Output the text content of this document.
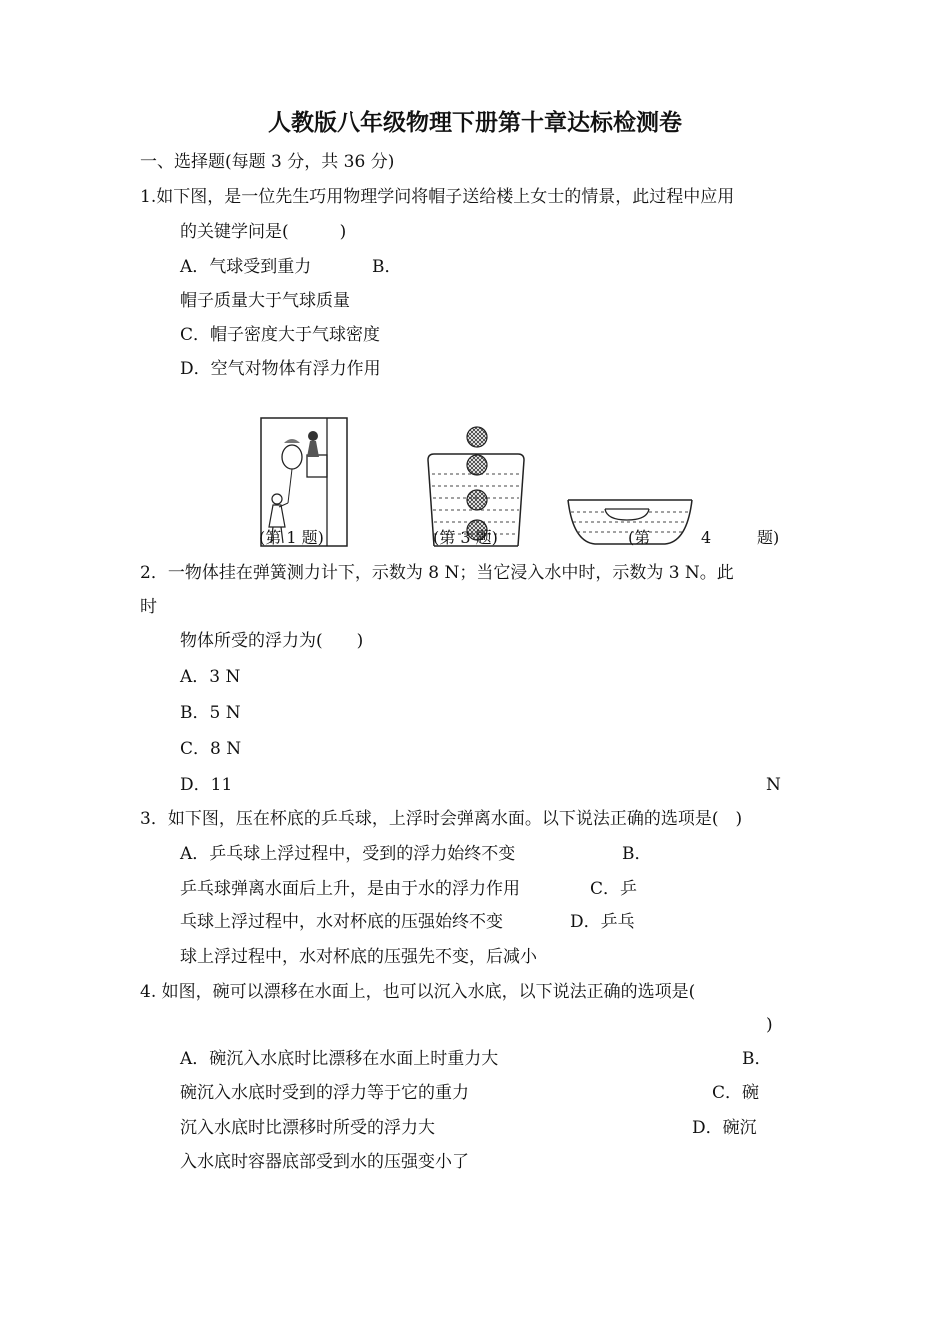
人教版八年级物理下册第十章达标检测卷
一、选择题(每题 3 分，共 36 分)
1.如下图，是一位先生巧用物理学问将帽子送给楼上女士的情景，此过程中应用
的关键学问是(　　　)
A．气球受到重力	B．
帽子质量大于气球质量
C．帽子密度大于气球密度
D．空气对物体有浮力作用
(第 1 题)	(第 3 题)	(第	4	题)
2．一物体挂在弹簧测力计下，示数为 8 N；当它浸入水中时，示数为 3 N。此
时
物体所受的浮力为(　　)
A．3 N
B．5 N
C．8 N
D．11	N
3．如下图，压在杯底的乒乓球，上浮时会弹离水面。以下说法正确的选项是(　)
A．乒乓球上浮过程中，受到的浮力始终不变	B．
乒乓球弹离水面后上升，是由于水的浮力作用	C．乒
乓球上浮过程中，水对杯底的压强始终不变	D．乒乓
球上浮过程中，水对杯底的压强先不变，后减小
4. 如图，碗可以漂移在水面上，也可以沉入水底，以下说法正确的选项是(
)
A．碗沉入水底时比漂移在水面上时重力大	B．
碗沉入水底时受到的浮力等于它的重力	C．碗
沉入水底时比漂移时所受的浮力大	D．碗沉
入水底时容器底部受到水的压强变小了
